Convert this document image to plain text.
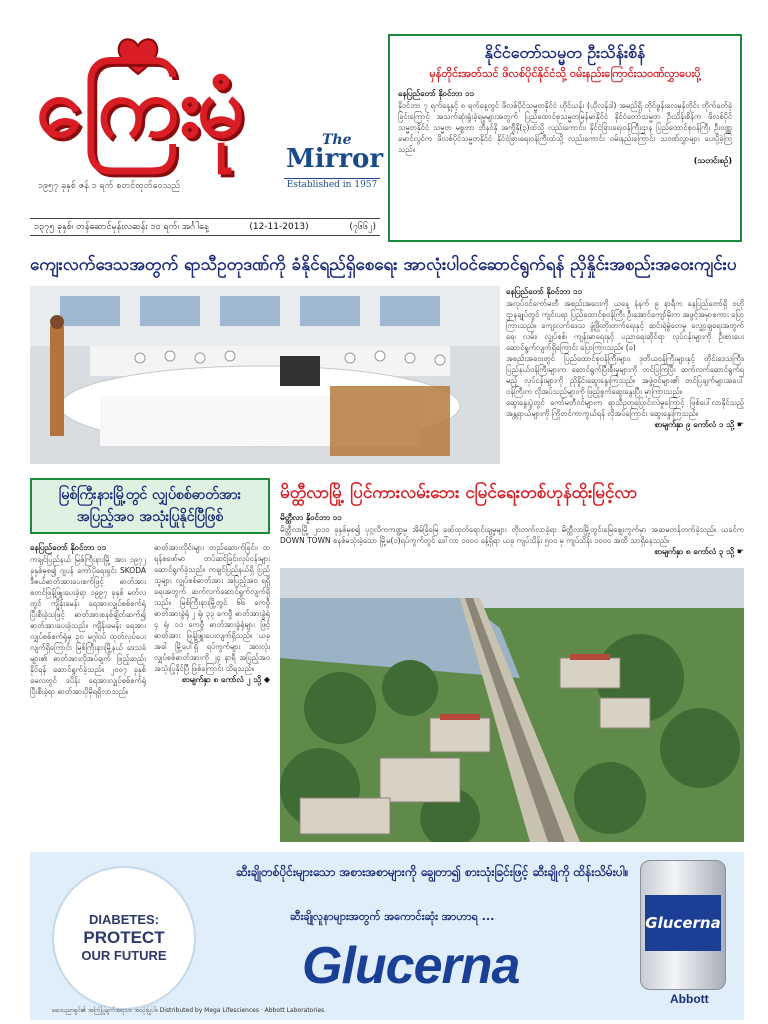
ကြေးမုံ	The
Mirror
Established in 1957
၁၉၅၇ ခုနှစ် ဇန် ၁ ရက် စတင်ထုတ်ဝေသည်
၁၃၇၅ ခုနှစ်၊ တန်ဆောင်မုန်းလဆန်း ၁၀ ရက်၊ အင်္ဂါနေ့	(12-11-2013)	(၇၆၆၂)
နိုင်ငံတော်သမ္မတ ဦးသိန်းစိန်
မှန်တိုင်းအတ်သင် ဖိလစ်ပိုင်နိုင်ငံသို့ ဝမ်းနည်းကြောင်းသဝဏ်လွှာပေးပို့
နေပြည်တော် နိုဝင်ဘာ ၁၁
နိုဝင်ဘာ ၇ ရက်နေ့နှင့် ၈ ရက်နေ့တွင် ဖိလစ်ပိုင်သမ္မတနိုင်ငံ ဟိုင်ယန်း (ယိုလန်ဒါ) အမည်ရှိ တိုင်ဖွန်းလေမုန်တိုင်း တိုက်ခတ်ခဲ့ခြင်းကြောင့် အသက်ဆုံးရှုံးခဲ့ရမှုများအတွက် ပြည်ထောင်စုသမ္မတမြန်မာနိုင်ငံ နိုင်ငံတော်သမ္မတ ဦးသိန်းစိန်က ဖိလစ်ပိုင်သမ္မတနိုင်ငံ သမ္မတ မစ္စတာ ဘီနင်နို အကွီနို(၃)ထံသို့ လည်းကောင်း၊ နိုင်ငံခြားရေးဝန်ကြီးဌာန ပြည်ထောင်စုဝန်ကြီး ဦးဝဏ္ဏမောင်လွင်က ဖိလစ်ပိုင်သမ္မတနိုင်ငံ နိုင်ငံခြားရေးဝန်ကြီးထံသို့ လည်းကောင်း ဝမ်းနည်းကြောင်း သဝဏ်လွှာများ ပေးပို့ခဲ့ကြသည်။
(သတင်းစဉ်)
ကျေးလက်ဒေသအတွက် ရာသီဥတုဒဏ်ကို ခံနိုင်ရည်ရှိစေရေး အာလုံးပါဝင်ဆောင်ရွက်ရန် ညှိနှိုင်းအစည်းအဝေးကျင်းပ
နေပြည်တော် နိုဝင်ဘာ ၁၁
အလုပ်ဝင်ကော်မတီ အစည်းအဝေးကို ယနေ့ နံနက် ၉ နာရီက နေပြည်တော်ရှိ ဗဟိုဌာနချုပ်တွင် ကျင်းပရာ ပြည်ထောင်စုဝန်ကြီး ဦးအောင်ကျော်မိုးက အဖွင့်အမှာစကား ပြောကြားသည်။ ကျေးလက်ဒေသ ဖွံ့ဖြိုးတိုးတက်ရေးနှင့် ဆင်းရဲမွဲတေမှု လျှော့ချရေးအတွက် ရေ၊ လမ်း၊ လျှပ်စစ်၊ ကျန်းမာရေးနှင့် ပညာရေးဆိုင်ရာ လုပ်ငန်းများကို ဦးစားပေး ဆောင်ရွက်လျက်ရှိကြောင်း ပြောကြားသည်။ (ခ)
အစည်းအဝေးတွင် ပြည်ထောင်စုဝန်ကြီးများ၊ ဒုတိယဝန်ကြီးများနှင့် တိုင်းဒေသကြီး၊ ပြည်နယ်ဝန်ကြီးများက ဆောင်ရွက်ပြီးစီးမှုများကို တင်ပြကြပြီး ဆက်လက်ဆောင်ရွက်ရမည့် လုပ်ငန်းများကို ညှိနှိုင်းဆွေးနွေးကြသည်။ အဖွဲ့ဝင်များ၏ တင်ပြချက်များအပေါ် ဝန်ကြီးက လိုအပ်သည်များကို ဖြည့်စွက်ဆွေးနွေးပြီး မှာကြားသည်။
ဆွေးနွေးပွဲတွင် ကော်မတီဝင်များက ရာသီဥတုပြောင်းလဲမှုကြောင့် ဖြစ်ပေါ်လာနိုင်သည့် အန္တရာယ်များကို ကြိုတင်ကာကွယ်ရန် လိုအပ်ကြောင်း ဆွေးနွေးကြသည်။
စာမျက်နှာ ၉ ကော်လံ ၁ သို့ ☛
မြစ်ကြီးနားမြို့တွင် လျှပ်စစ်ဓာတ်အား
အပြည့်အဝ အသုံးပြုနိုင်ပြီဖြစ်
နေပြည်တော် နိုဝင်ဘာ ၁၁
ကချင်ပြည်နယ် မြစ်ကြီးနားမြို့ အား ၁၉၇၂ ခုနှစ်မှစ၍ ဂျပန် ကော်ပိုရေးရှင်း SKODA ဒီဇယ်ဓာတ်အားပေးစက်ဖြင့် ဓာတ်အားစတင်ဖြန့်ဖြူးပေးခဲ့ရာ ၁၉၉၇ ခုနှစ် မတ်လတွင် ကျိန်းခမန်း ရေအားလျှပ်စစ်စက်ရုံ ပြီးစီးခဲ့သဖြင့် ဓာတ်အားစနစ်ချိတ်ဆက်၍ ဓာတ်အားပေးခဲ့သည်။ ကျိန်းခမန်း ရေအားလျှပ်စစ်စက်ရုံမှ ၃၀ မဂ္ဂါဝပ် ထုတ်လုပ်ပေးလျက်ရှိကြောင်း မြစ်ကြီးနားမြို့နယ် ဒေသခံများ၏ ဓာတ်အားလိုအပ်ချက် ဖြည့်ဆည်းနိုင်ရန် ဆောင်ရွက်ခဲ့သည်။ ၂၀၀၇ ခုနှစ် မေလတွင် ဒပိန်း ရေအားလျှပ်စစ်စက်ရုံ ပြီးစီးခဲ့ရာ ဓာတ်အားပိုမိုရရှိလာသည်။
ဓာတ်အားလိုင်းများ တည်ဆောက်ခြင်း၊ ထရန်စဖော်မာ တပ်ဆင်ခြင်းလုပ်ငန်းများ ဆောင်ရွက်ခဲ့သည်။ ကချင်ပြည်နယ်ရှိ ပြည်သူများ လျှပ်စစ်ဓာတ်အား အပြည့်အဝ ရရှိရေးအတွက် ဆက်လက်ဆောင်ရွက်လျက်ရှိသည်။ မြစ်ကြီးနားမြို့တွင် ၆၆ ကေဗွီ ဓာတ်အားခွဲရုံ ၂ ရုံ၊ ၃၃ ကေဗွီ ဓာတ်အားခွဲရုံ ၄ ရုံ၊ ၁၁ ကေဗွီ ဓာတ်အားခွဲရုံများ ဖြင့် ဓာတ်အား ဖြန့်ဖြူးပေးလျက်ရှိသည်။ ယခုအခါ မြို့ပေါ်ရှိ ရပ်ကွက်များ အားလုံး လျှပ်စစ်ဓာတ်အားကို ၂၄ နာရီ အပြည့်အဝ အသုံးပြုနိုင်ပြီ ဖြစ်ကြောင်း သိရသည်။
စာမျက်နှာ ၈ ကော်လံ ၂ သို့ ◆
မိတ္ထီလာမြို့ ပြင်ကားလမ်းဘေး ငမြင်ရေးတစ်ဟုန်ထိုးမြင့်လာ
မိတ္ထီလာ နိုဝင်ဘာ ၁၁
မိတ္ထီလာမြို့ ၂၀၁၀ ခုနှစ်မှစ၍ ပုဂ္ဂလိကကဏ္ဍမှ အိမ်ခြံမြေ ဖော်ထုတ်ရောင်းချမှုများ တိုးတက်လာခဲ့ရာ မိတ္ထီလာမြို့တွင်းမြေဈေးကွက်မှာ အဆမတန်တက်ခဲ့သည်။ ယခင်က DOWN TOWN စနစ်မသုံးခဲ့သော မြို့မ(၁)ရပ်ကွက်တွင် ဒေါ်လာ ၁၀၀၀ ခန့်ရှိရာ ယခု ကျပ်သိန်း ၅၀၀ မှ ကျပ်သိန်း ၁၀၀၀ အထိ သာရှိနေသည်။
စာမျက်နှာ ၈ ကော်လံ ၃ သို့ ☛
DIABETES:
PROTECT
OUR FUTURE
ဆီးချိုတစ်ပိုင်းများသော အစားအစာများကို ချွေတာ၍ စားသုံးခြင်းဖြင့် ဆီးချိုကို ထိန်းသိမ်းပါ။
ဆီးချိုလူနာများအတွက် အကောင်းဆုံး အာဟာရ ...
Glucerna
Glucerna
Abbott
ဆေးပညာရှင်၏ အကြံပြုချက်အရသာ အသုံးပြုပါ။ Distributed by Mega Lifesciences · Abbott Laboratories
